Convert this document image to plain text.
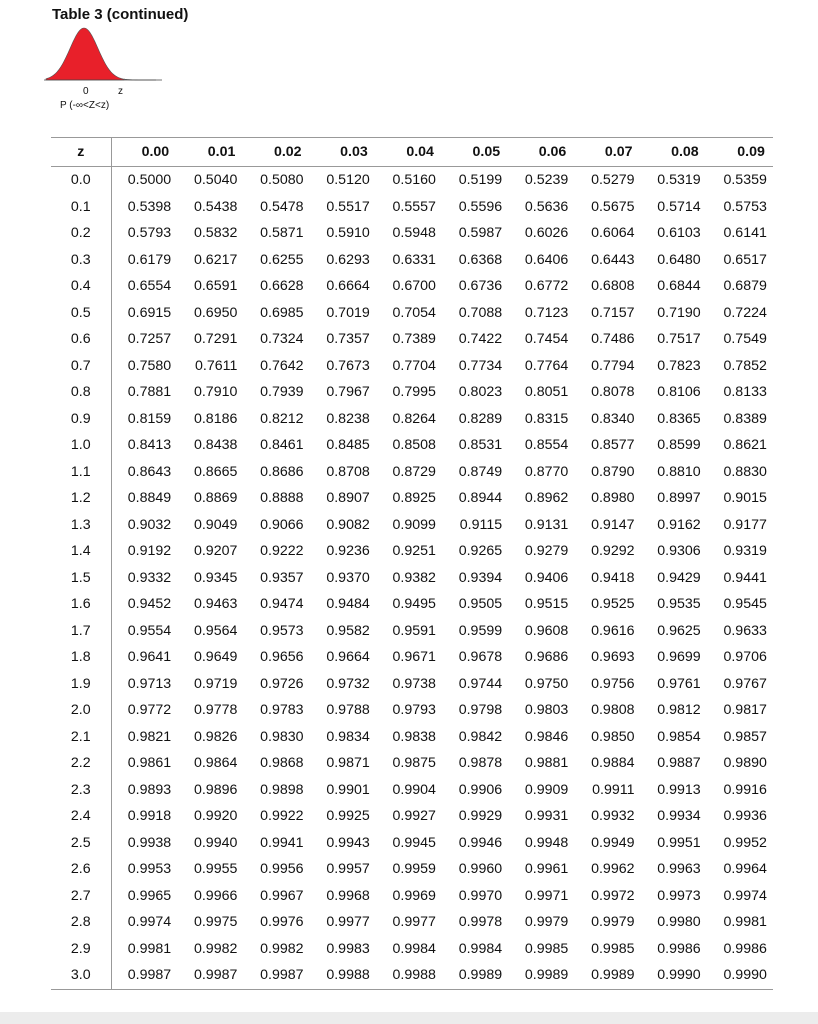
Table 3 (continued)
0	z
P (-∞<Z<z)
z	0.00	0.01	0.02	0.03	0.04	0.05	0.06	0.07	0.08	0.09
0.0	0.5000	0.5040	0.5080	0.5120	0.5160	0.5199	0.5239	0.5279	0.5319	0.5359
0.1	0.5398	0.5438	0.5478	0.5517	0.5557	0.5596	0.5636	0.5675	0.5714	0.5753
0.2	0.5793	0.5832	0.5871	0.5910	0.5948	0.5987	0.6026	0.6064	0.6103	0.6141
0.3	0.6179	0.6217	0.6255	0.6293	0.6331	0.6368	0.6406	0.6443	0.6480	0.6517
0.4	0.6554	0.6591	0.6628	0.6664	0.6700	0.6736	0.6772	0.6808	0.6844	0.6879
0.5	0.6915	0.6950	0.6985	0.7019	0.7054	0.7088	0.7123	0.7157	0.7190	0.7224
0.6	0.7257	0.7291	0.7324	0.7357	0.7389	0.7422	0.7454	0.7486	0.7517	0.7549
0.7	0.7580	0.7611	0.7642	0.7673	0.7704	0.7734	0.7764	0.7794	0.7823	0.7852
0.8	0.7881	0.7910	0.7939	0.7967	0.7995	0.8023	0.8051	0.8078	0.8106	0.8133
0.9	0.8159	0.8186	0.8212	0.8238	0.8264	0.8289	0.8315	0.8340	0.8365	0.8389
1.0	0.8413	0.8438	0.8461	0.8485	0.8508	0.8531	0.8554	0.8577	0.8599	0.8621
1.1	0.8643	0.8665	0.8686	0.8708	0.8729	0.8749	0.8770	0.8790	0.8810	0.8830
1.2	0.8849	0.8869	0.8888	0.8907	0.8925	0.8944	0.8962	0.8980	0.8997	0.9015
1.3	0.9032	0.9049	0.9066	0.9082	0.9099	0.9115	0.9131	0.9147	0.9162	0.9177
1.4	0.9192	0.9207	0.9222	0.9236	0.9251	0.9265	0.9279	0.9292	0.9306	0.9319
1.5	0.9332	0.9345	0.9357	0.9370	0.9382	0.9394	0.9406	0.9418	0.9429	0.9441
1.6	0.9452	0.9463	0.9474	0.9484	0.9495	0.9505	0.9515	0.9525	0.9535	0.9545
1.7	0.9554	0.9564	0.9573	0.9582	0.9591	0.9599	0.9608	0.9616	0.9625	0.9633
1.8	0.9641	0.9649	0.9656	0.9664	0.9671	0.9678	0.9686	0.9693	0.9699	0.9706
1.9	0.9713	0.9719	0.9726	0.9732	0.9738	0.9744	0.9750	0.9756	0.9761	0.9767
2.0	0.9772	0.9778	0.9783	0.9788	0.9793	0.9798	0.9803	0.9808	0.9812	0.9817
2.1	0.9821	0.9826	0.9830	0.9834	0.9838	0.9842	0.9846	0.9850	0.9854	0.9857
2.2	0.9861	0.9864	0.9868	0.9871	0.9875	0.9878	0.9881	0.9884	0.9887	0.9890
2.3	0.9893	0.9896	0.9898	0.9901	0.9904	0.9906	0.9909	0.9911	0.9913	0.9916
2.4	0.9918	0.9920	0.9922	0.9925	0.9927	0.9929	0.9931	0.9932	0.9934	0.9936
2.5	0.9938	0.9940	0.9941	0.9943	0.9945	0.9946	0.9948	0.9949	0.9951	0.9952
2.6	0.9953	0.9955	0.9956	0.9957	0.9959	0.9960	0.9961	0.9962	0.9963	0.9964
2.7	0.9965	0.9966	0.9967	0.9968	0.9969	0.9970	0.9971	0.9972	0.9973	0.9974
2.8	0.9974	0.9975	0.9976	0.9977	0.9977	0.9978	0.9979	0.9979	0.9980	0.9981
2.9	0.9981	0.9982	0.9982	0.9983	0.9984	0.9984	0.9985	0.9985	0.9986	0.9986
3.0	0.9987	0.9987	0.9987	0.9988	0.9988	0.9989	0.9989	0.9989	0.9990	0.9990
